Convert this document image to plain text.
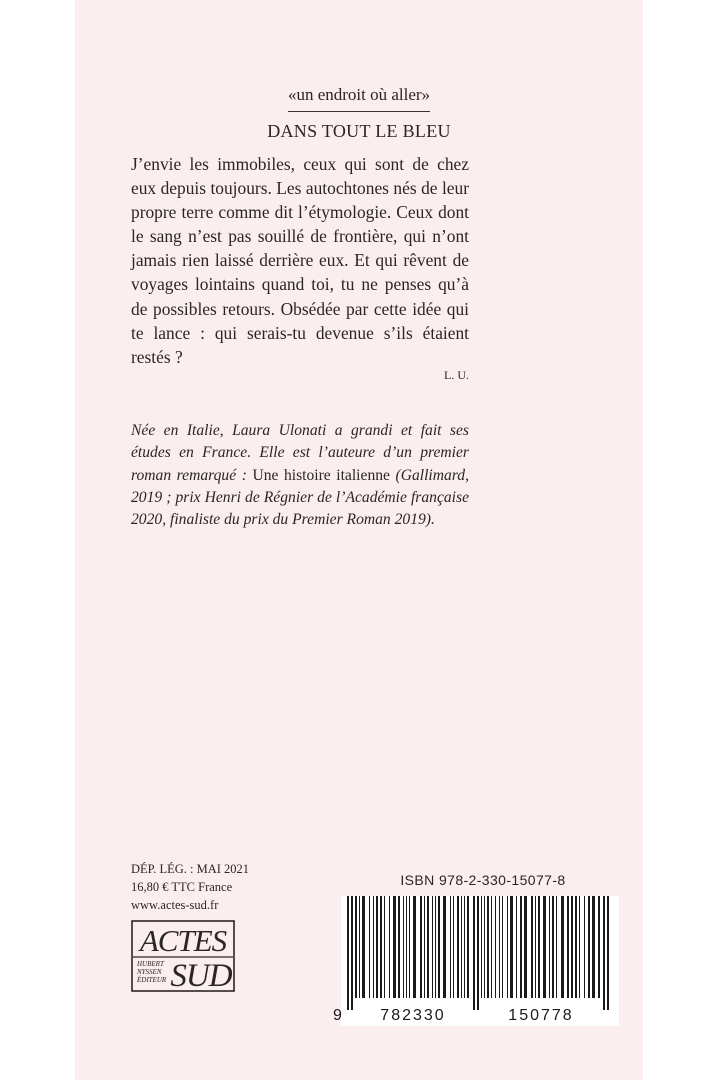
«un endroit où aller»
DANS TOUT LE BLEU

J’envie les immobiles, ceux qui sont de chez eux depuis toujours. Les autochtones nés de leur propre terre comme dit l’étymologie. Ceux dont le sang n’est pas souillé de frontière, qui n’ont jamais rien laissé derrière eux. Et qui rêvent de voyages lointains quand toi, tu ne penses qu’à de possibles retours. Obsédée par cette idée qui te lance : qui serais-tu devenue s’ils étaient restés ?

L. U.

Née en Italie, Laura Ulonati a grandi et fait ses études en France. Elle est l’auteure d’un premier roman remarqué : Une histoire italienne (Gallimard, 2019 ; prix Henri de Régnier de l’Académie française 2020, finaliste du prix du Premier Roman 2019).

DÉP. LÉG. : MAI 2021
16,80 € TTC France
www.actes-sud.fr
ACTES
HUBERT
NYSSEN
ÉDITEUR SUD
ISBN 978-2-330-15077-8
9 782330	150778
